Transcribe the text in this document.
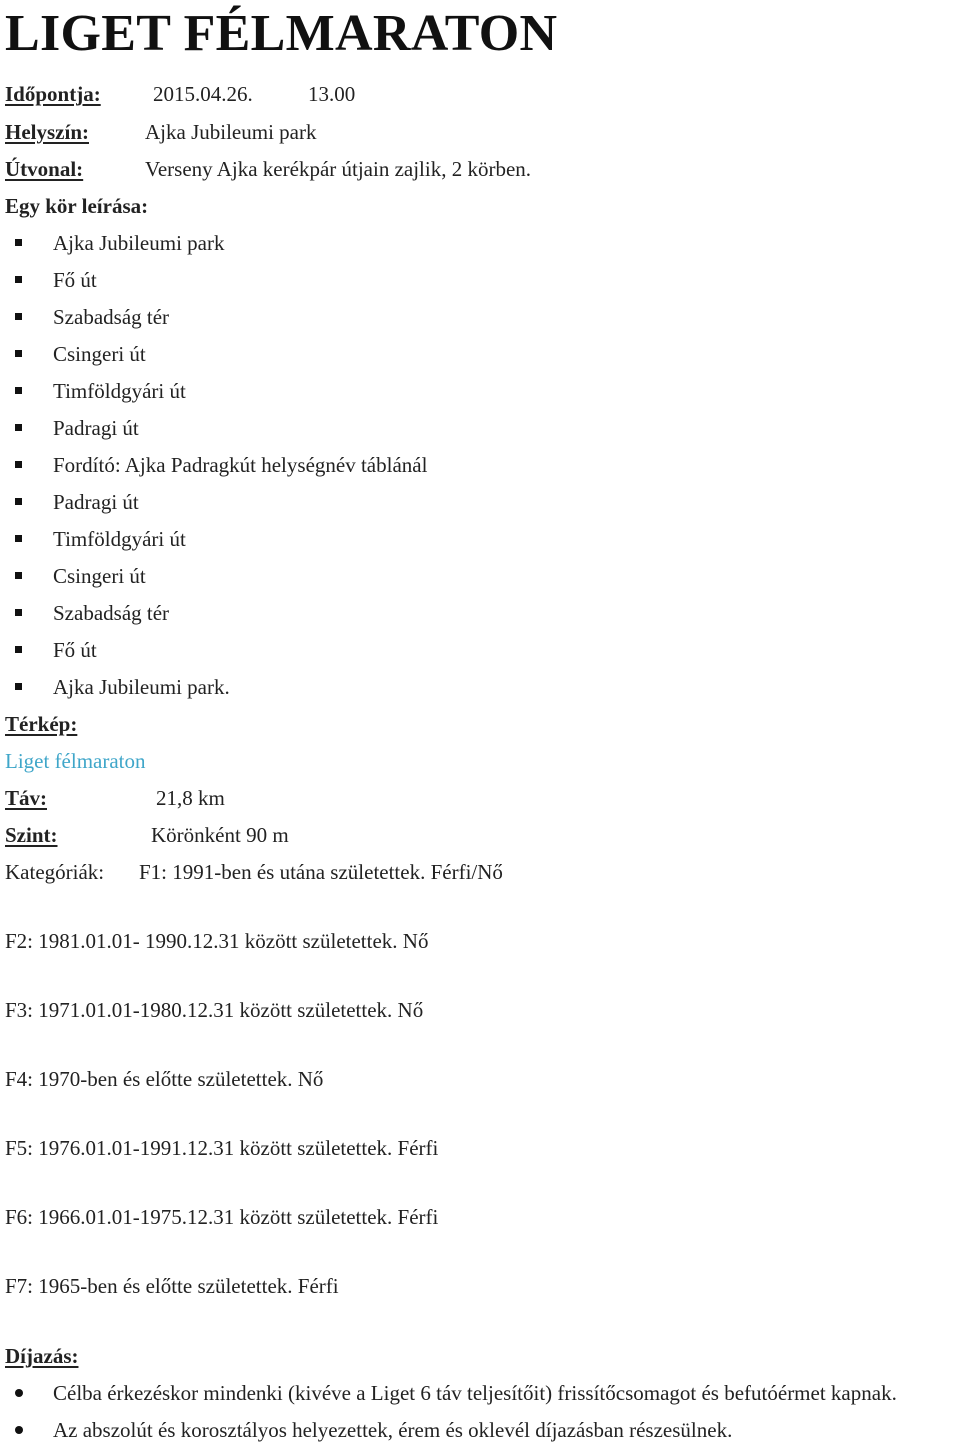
LIGET FÉLMARATON
Időpontja: 2015.04.26.	13.00
Helyszín:	Ajka Jubileumi park
Útvonal:	Verseny Ajka kerékpár útjain zajlik, 2 körben.
Egy kör leírása:
Ajka Jubileumi park
Fő út
Szabadság tér
Csingeri út
Timföldgyári út
Padragi út
Fordító: Ajka Padragkút helységnév táblánál
Padragi út
Timföldgyári út
Csingeri út
Szabadság tér
Fő út
Ajka Jubileumi park.
Térkép:
Liget félmaraton
Táv:	21,8 km
Szint:	Körönként 90 m
Kategóriák: F1: 1991-ben és utána születettek. Férfi/Nő
F2: 1981.01.01- 1990.12.31 között születettek. Nő
F3: 1971.01.01-1980.12.31 között születettek. Nő
F4: 1970-ben és előtte születettek. Nő
F5: 1976.01.01-1991.12.31 között születettek. Férfi
F6: 1966.01.01-1975.12.31 között születettek. Férfi
F7: 1965-ben és előtte születettek. Férfi
Díjazás:
Célba érkezéskor mindenki (kivéve a Liget 6 táv teljesítőit) frissítőcsomagot és befutóérmet kapnak.
Az abszolút és korosztályos helyezettek, érem és oklevél díjazásban részesülnek.
